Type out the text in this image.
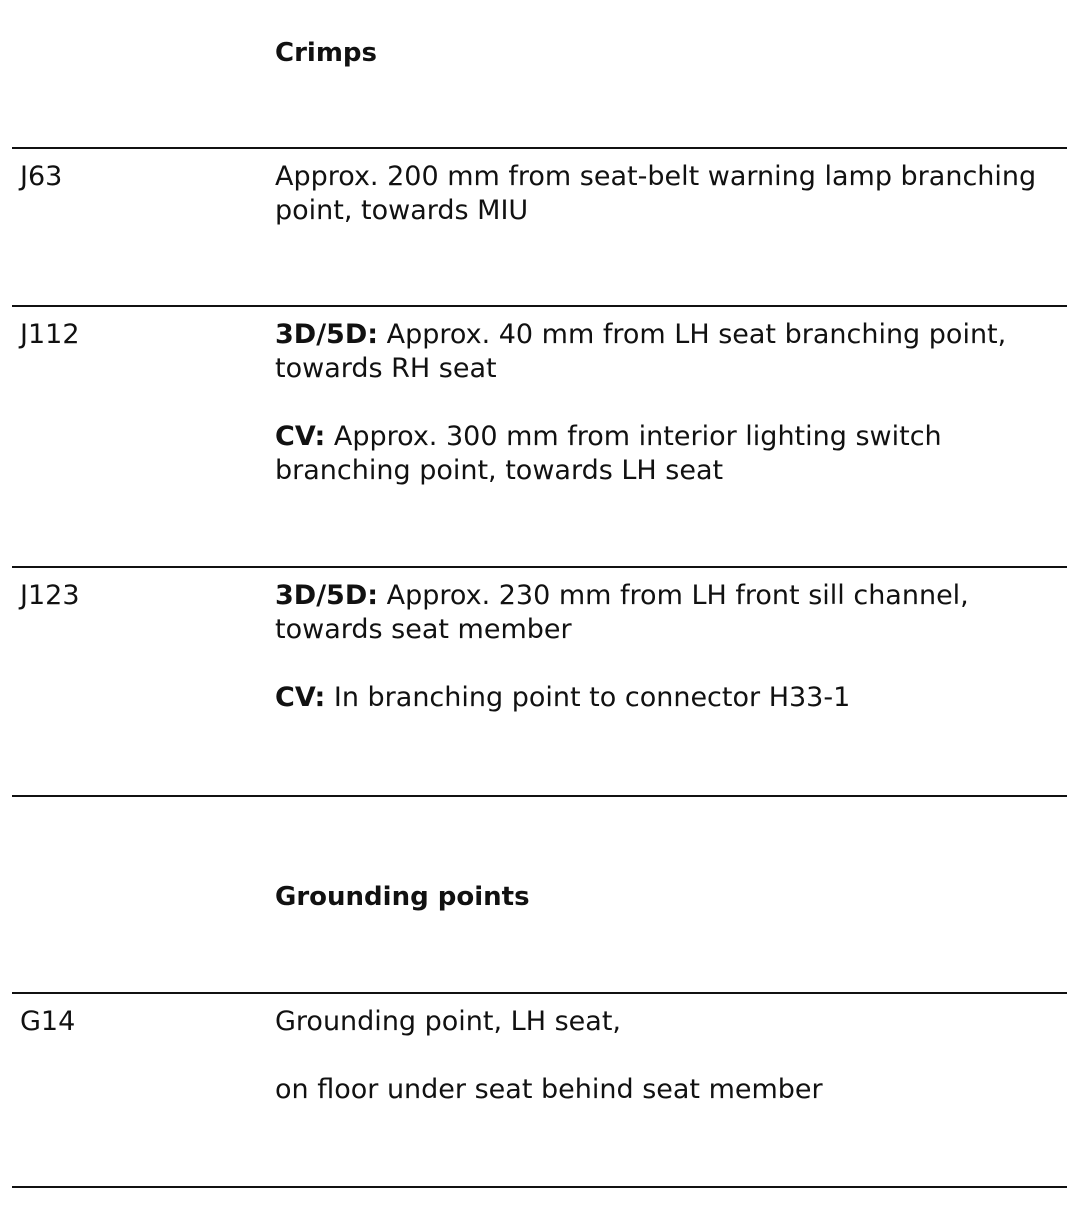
Crimps
J63	Approx. 200 mm from seat-belt warning lamp branching point, towards MIU

J112	3D/5D: Approx. 40 mm from LH seat branching point, towards RH seat

CV: Approx. 300 mm from interior lighting switch branching point, towards LH seat

J123	3D/5D: Approx. 230 mm from LH front sill channel, towards seat member

CV: In branching point to connector H33-1

Grounding points
G14	Grounding point, LH seat,

on floor under seat behind seat member
